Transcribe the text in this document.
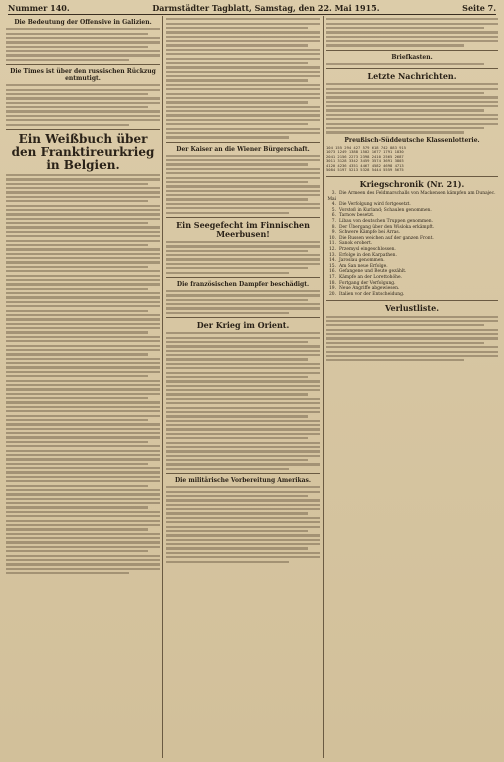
Nummer 140.	Darmstädter Tagblatt, Samstag, den 22. Mai 1915.	Seite 7.
Die Bedeutung der Offensive in Galizien.
Die Times ist über den russischen Rückzug entmutigt.
Ein Weißbuch über den Franktireurkrieg in Belgien.
Der Kaiser an die Wiener Bürgerschaft.
Ein Seegefecht im Finnischen Meerbusen!
Die französischen Dampfer beschädigt.
Der Krieg im Orient.
Die militärische Vorbereitung Amerikas.
Briefkasten.
Letzte Nachrichten.
Preußisch-Süddeutsche Klassenlotterie.
104 155 294 427 579 618 742 883 915
1073 1249 1388 1502 1677 1791 1830
2041 2156 2273 2398 2410 2565 2687
3011 3128 3342 3459 3574 3691 3803
4120 4236 4351 4467 4582 4698 4713
5084 5197 5213 5328 5444 5559 5675
Kriegschronik (Nr. 21).
3. Mai
Die Armeen des Feldmarschalls von Mackensen kämpfen am Dunajec.
4. Die Verfolgung wird fortgesetzt.
5. Vorstoß in Kurland; Schaulen genommen.
6. Tarnow besetzt.
7. Libau von deutschen Truppen genommen.
8. Der Übergang über den Wisloka erkämpft.
9. Schwere Kämpfe bei Arras.
10. Die Russen weichen auf der ganzen Front.
11. Sanok erobert.
12. Przemysl eingeschlossen.
13. Erfolge in den Karpathen.
14. Jaroslau genommen.
15. Am San neue Erfolge.
16. Gefangene und Beute gezählt.
17. Kämpfe an der Lorettohöhe.
18. Fortgang der Verfolgung.
19. Neue Angriffe abgewiesen.
20. Italien vor der Entscheidung.
Verlustliste.
